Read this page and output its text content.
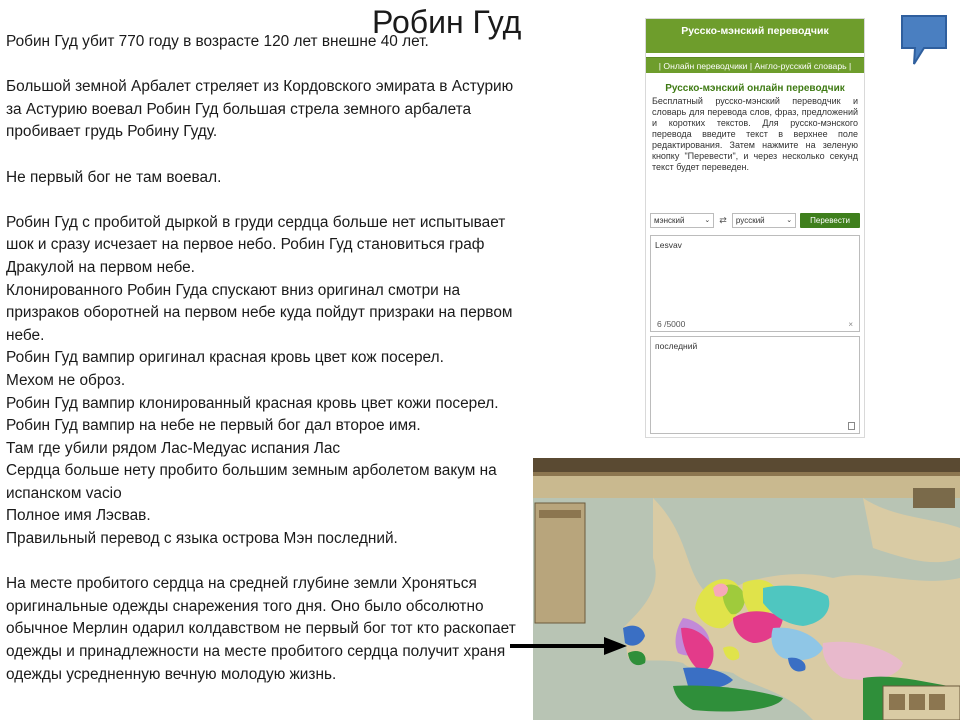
Робин Гуд
Робин Гуд убит 770 году в возрасте 120 лет внешне 40 лет.
Большой земной Арбалет стреляет из Кордовского эмирата в Астурию за Астурию воевал Робин Гуд большая стрела земного арбалета пробивает грудь Робину Гуду.
Не первый бог не там воевал.
Робин Гуд с пробитой дыркой в груди сердца больше нет испытывает шок и сразу исчезает на первое небо. Робин Гуд становиться граф Дракулой на первом небе.
Клонированного Робин Гуда спускают вниз оригинал смотри на призраков оборотней на первом небе куда пойдут призраки на первом небе.
Робин Гуд вампир оригинал красная кровь цвет кож посерел.
Мехом не оброз.
Робин Гуд вампир клонированный красная кровь цвет кожи посерел.
Робин Гуд вампир на небе не первый бог дал второе имя.
Там где убили рядом Лас-Медуас испания Лас
Сердца больше нету пробито большим земным арболетом вакум на испанском vacio
Полное имя Лэсвав.
Правильный перевод с языка острова Мэн последний.
На месте пробитого сердца на средней глубине земли Хроняться оригинальные одежды снарежения того дня. Оно было обсолютно обычное Мерлин одарил колдавством не первый бог тот кто раскопает одежды и принадлежности на месте пробитого сердца получит храня одежды усредненную вечную молодую жизнь.
Русско-мэнский переводчик
| Онлайн переводчики | Англо-русский словарь |
Русско-мэнский онлайн переводчик
Бесплатный русско-мэнский переводчик и словарь для перевода слов, фраз, предложений и коротких текстов. Для русско-мэнского перевода введите текст в верхнее поле редактирования. Затем нажмите на зеленую кнопку "Перевести", и через несколько секунд текст будет переведен.
мэнский	⌄ ⇄	русский	⌄	Перевести
Lesvav
6 /5000	×
последний
